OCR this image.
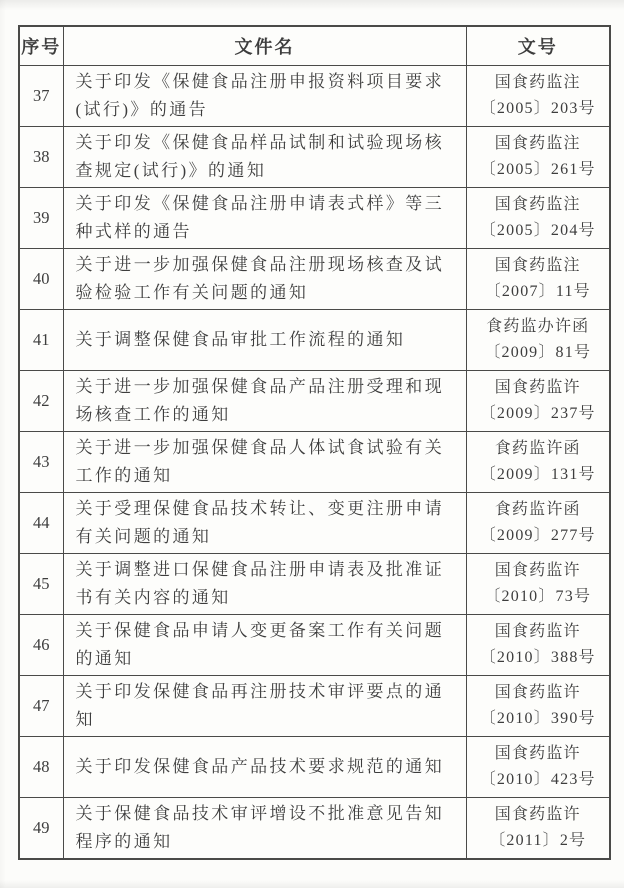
序号	文件名	文号
37	关于印发《保健食品注册申报资料项目要求(试行)》的通告	国食药监注
〔2005〕203号

38	关于印发《保健食品样品试制和试验现场核查规定(试行)》的通知	国食药监注
〔2005〕261号

39	关于印发《保健食品注册申请表式样》等三种式样的通告	国食药监注
〔2005〕204号

40	关于进一步加强保健食品注册现场核查及试验检验工作有关问题的通知	国食药监注
〔2007〕11号

41	关于调整保健食品审批工作流程的通知	食药监办许函
〔2009〕81号

42	关于进一步加强保健食品产品注册受理和现场核查工作的通知	国食药监许
〔2009〕237号

43	关于进一步加强保健食品人体试食试验有关工作的通知	食药监许函
〔2009〕131号

44	关于受理保健食品技术转让、变更注册申请有关问题的通知	食药监许函
〔2009〕277号

45	关于调整进口保健食品注册申请表及批准证书有关内容的通知	国食药监许
〔2010〕73号

46	关于保健食品申请人变更备案工作有关问题的通知	国食药监许
〔2010〕388号

47	关于印发保健食品再注册技术审评要点的通知	国食药监许
〔2010〕390号

48	关于印发保健食品产品技术要求规范的通知	国食药监许
〔2010〕423号

49	关于保健食品技术审评增设不批准意见告知程序的通知	国食药监许
〔2011〕2号
